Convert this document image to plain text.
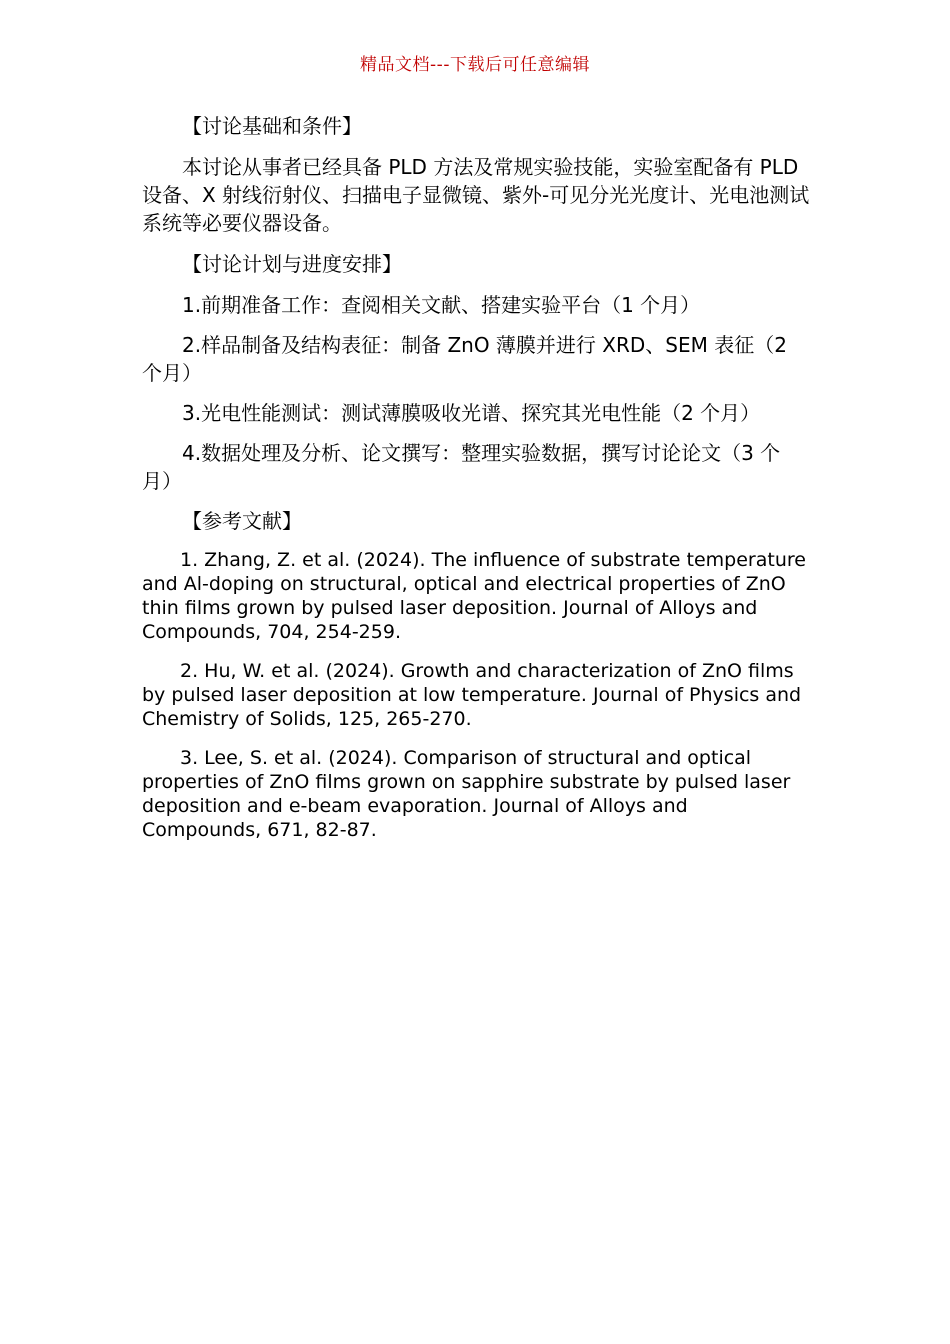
精品文档---下载后可任意编辑

【讨论基础和条件】

本讨论从事者已经具备 PLD 方法及常规实验技能，实验室配备有 PLD 设备、X 射线衍射仪、扫描电子显微镜、紫外-可见分光光度计、光电池测试系统等必要仪器设备。

【讨论计划与进度安排】

1.前期准备工作：查阅相关文献、搭建实验平台（1 个月）

2.样品制备及结构表征：制备 ZnO 薄膜并进行 XRD、SEM 表征（2 个月）

3.光电性能测试：测试薄膜吸收光谱、探究其光电性能（2 个月）

4.数据处理及分析、论文撰写：整理实验数据，撰写讨论论文（3 个月）

【参考文献】

1. Zhang, Z. et al. (2024). The influence of substrate temperature and Al-doping on structural, optical and electrical properties of ZnO thin films grown by pulsed laser deposition. Journal of Alloys and Compounds, 704, 254-259.

2. Hu, W. et al. (2024). Growth and characterization of ZnO films by pulsed laser deposition at low temperature. Journal of Physics and Chemistry of Solids, 125, 265-270.

3. Lee, S. et al. (2024). Comparison of structural and optical properties of ZnO films grown on sapphire substrate by pulsed laser deposition and e-beam evaporation. Journal of Alloys and Compounds, 671, 82-87.
